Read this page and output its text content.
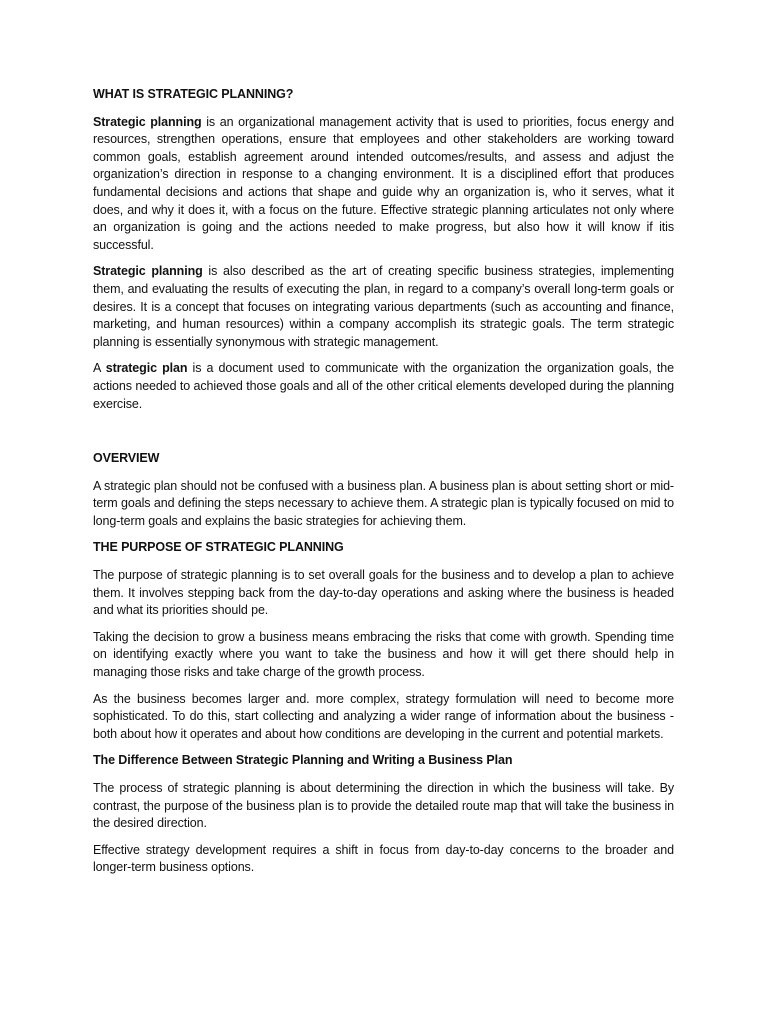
WHAT IS STRATEGIC PLANNING?

Strategic planning is an organizational management activity that is used to priorities, focus energy and resources, strengthen operations, ensure that employees and other stakeholders are working toward common goals, establish agreement around intended outcomes/results, and assess and adjust the organization’s direction in response to a changing environment. It is a disciplined effort that produces fundamental decisions and actions that shape and guide why an organization is, who it serves, what it does, and why it does it, with a focus on the future. Effective strategic planning articulates not only where an organization is going and the actions needed to make progress, but also how it will know if itis successful.

Strategic planning is also described as the art of creating specific business strategies, implementing them, and evaluating the results of executing the plan, in regard to a company’s overall long-term goals or desires. It is a concept that focuses on integrating various departments (such as accounting and finance, marketing, and human resources) within a company accomplish its strategic goals. The term strategic planning is essentially synonymous with strategic management.

A strategic plan is a document used to communicate with the organization the organization goals, the actions needed to achieved those goals and all of the other critical elements developed during the planning exercise.

OVERVIEW

A strategic plan should not be confused with a business plan. A business plan is about setting short or mid-term goals and defining the steps necessary to achieve them. A strategic plan is typically focused on mid to long-term goals and explains the basic strategies for achieving them.

THE PURPOSE OF STRATEGIC PLANNING

The purpose of strategic planning is to set overall goals for the business and to develop a plan to achieve them. It involves stepping back from the day-to-day operations and asking where the business is headed and what its priorities should pe.

Taking the decision to grow a business means embracing the risks that come with growth. Spending time on identifying exactly where you want to take the business and how it will get there should help in managing those risks and take charge of the growth process.

As the business becomes larger and. more complex, strategy formulation will need to become more sophisticated. To do this, start collecting and analyzing a wider range of information about the business - both about how it operates and about how conditions are developing in the current and potential markets.

The Difference Between Strategic Planning and Writing a Business Plan

The process of strategic planning is about determining the direction in which the business will take. By contrast, the purpose of the business plan is to provide the detailed route map that will take the business in the desired direction.

Effective strategy development requires a shift in focus from day-to-day concerns to the broader and longer-term business options.
